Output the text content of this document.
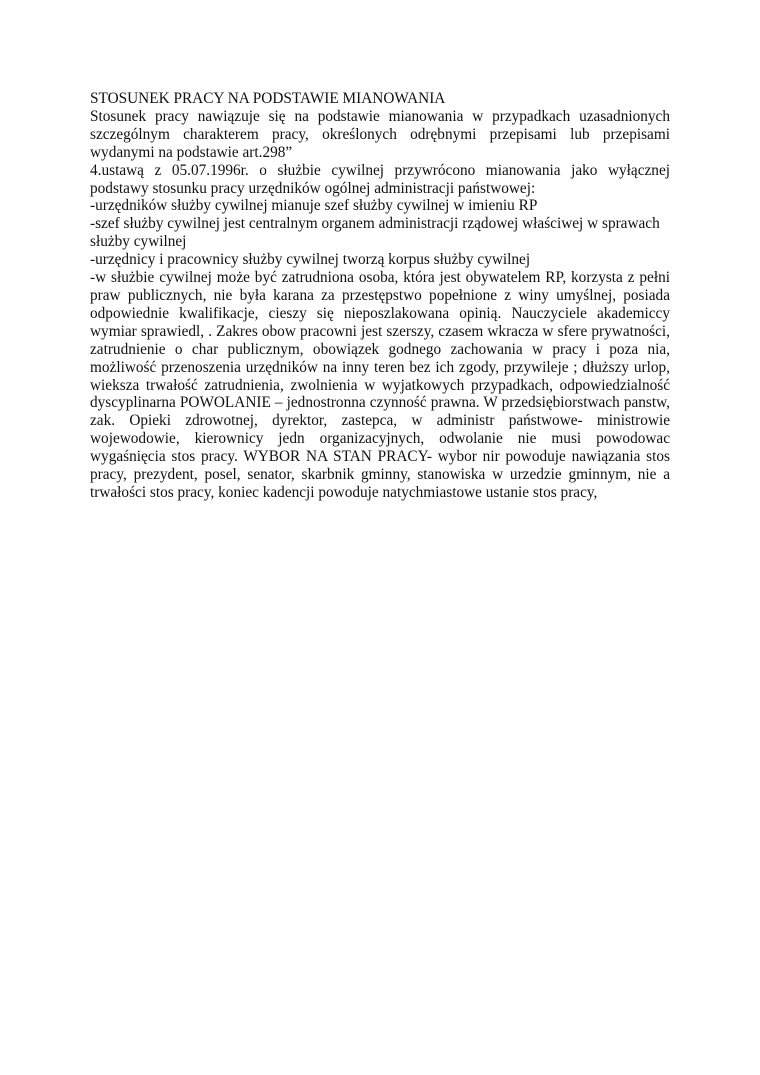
STOSUNEK PRACY NA PODSTAWIE MIANOWANIA

Stosunek pracy nawiązuje się na podstawie mianowania w przypadkach uzasadnionych szczególnym charakterem pracy, określonych odrębnymi przepisami lub przepisami wydanymi na podstawie art.298”

4.ustawą z 05.07.1996r. o służbie cywilnej przywrócono mianowania jako wyłącznej podstawy stosunku pracy urzędników ogólnej administracji państwowej:

-urzędników służby cywilnej mianuje szef służby cywilnej w imieniu RP

-szef służby cywilnej jest centralnym organem administracji rządowej właściwej w sprawach służby cywilnej

-urzędnicy i pracownicy służby cywilnej tworzą korpus służby cywilnej

-w służbie cywilnej może być zatrudniona osoba, która jest obywatelem RP, korzysta z pełni praw publicznych, nie była karana za przestępstwo popełnione z winy umyślnej, posiada odpowiednie kwalifikacje, cieszy się nieposzlakowana opinią. Nauczyciele akademiccy wymiar sprawiedl, . Zakres obow pracowni jest szerszy, czasem wkracza w sfere prywatności, zatrudnienie o char publicznym, obowiązek godnego zachowania w pracy i poza nia, możliwość przenoszenia urzędników na inny teren bez ich zgody, przywileje ; dłuższy urlop, wieksza trwałość zatrudnienia, zwolnienia w wyjatkowych przypadkach, odpowiedzialność dyscyplinarna POWOLANIE – jednostronna czynność prawna. W przedsiębiorstwach panstw, zak. Opieki zdrowotnej, dyrektor, zastepca, w administr państwowe- ministrowie wojewodowie, kierownicy jedn organizacyjnych, odwolanie nie musi powodowac wygaśnięcia stos pracy. WYBOR NA STAN PRACY- wybor nir powoduje nawiązania stos pracy, prezydent, posel, senator, skarbnik gminny, stanowiska w urzedzie gminnym, nie a trwałości stos pracy, koniec kadencji powoduje natychmiastowe ustanie stos pracy,
